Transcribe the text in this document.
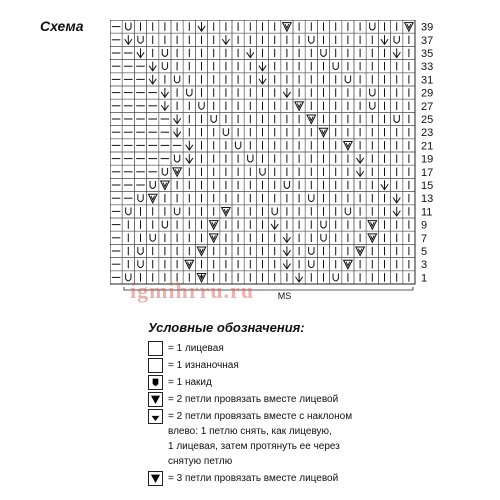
Схема	39
37
35
33
31
29
27
25
23
21
19
17
15
13
11
9
7
5
3
1
MS
igmihrru.ru
Условные обозначения:
= 1 лицевая
= 1 изнаночная
= 1 накид
= 2 петли провязать вместе лицевой
= 2 петли провязать вместе с наклоном
влево: 1 петлю снять, как лицевую,
1 лицевая, затем протянуть ее через
снятую петлю
= 3 петли провязать вместе лицевой
